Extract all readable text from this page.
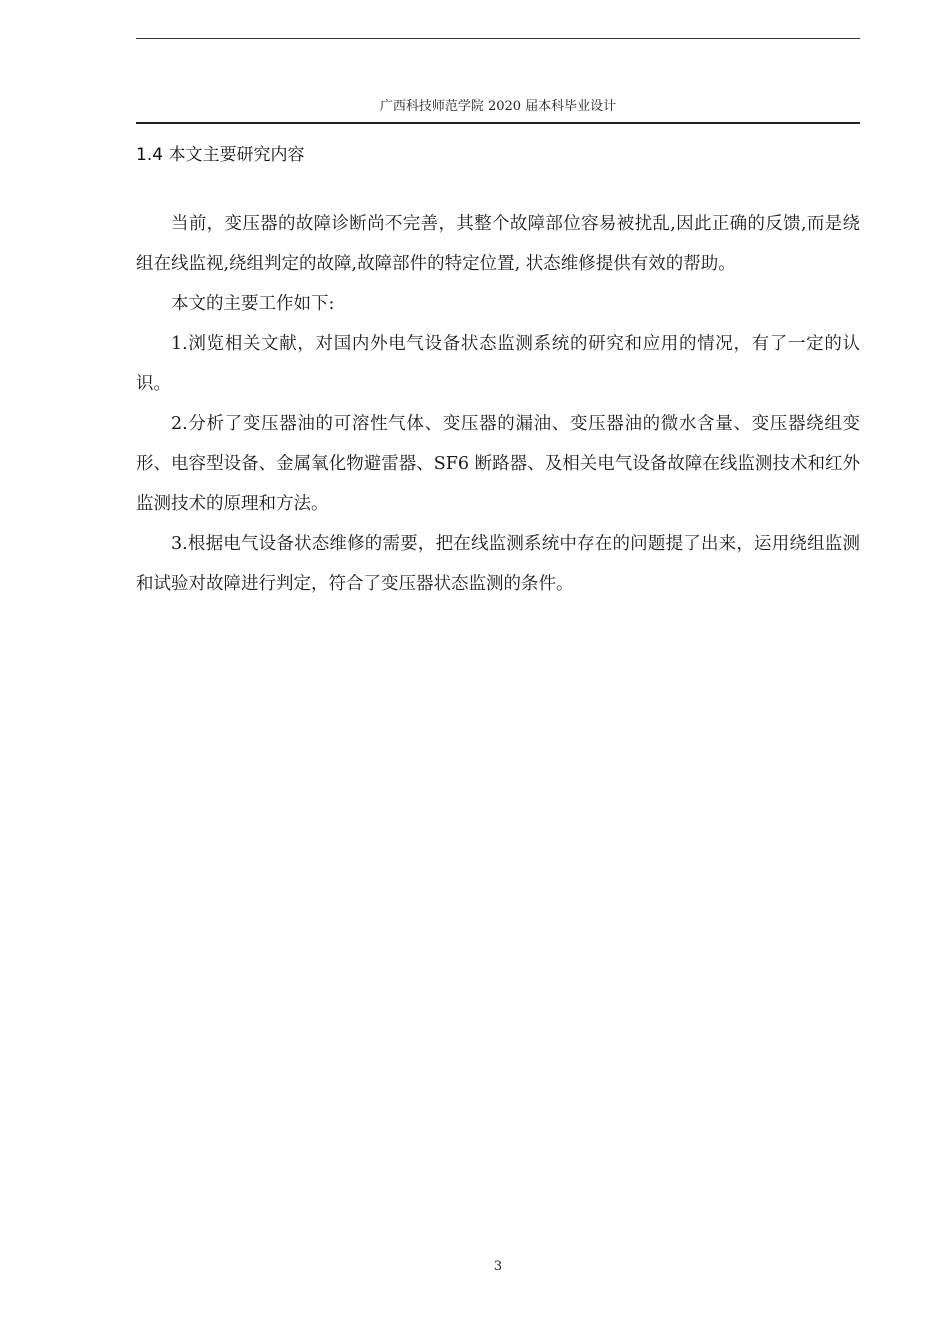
广西科技师范学院 2020 届本科毕业设计
1.4 本文主要研究内容

当前，变压器的故障诊断尚不完善，其整个故障部位容易被扰乱,因此正确的反馈,而是绕组在线监视,绕组判定的故障,故障部件的特定位置, 状态维修提供有效的帮助。

本文的主要工作如下:

1.浏览相关文献，对国内外电气设备状态监测系统的研究和应用的情况，有了一定的认识。

2.分析了变压器油的可溶性气体、变压器的漏油、变压器油的微水含量、变压器绕组变形、电容型设备、金属氧化物避雷器、SF6 断路器、及相关电气设备故障在线监测技术和红外监测技术的原理和方法。

3.根据电气设备状态维修的需要，把在线监测系统中存在的问题提了出来，运用绕组监测和试验对故障进行判定，符合了变压器状态监测的条件。

3
